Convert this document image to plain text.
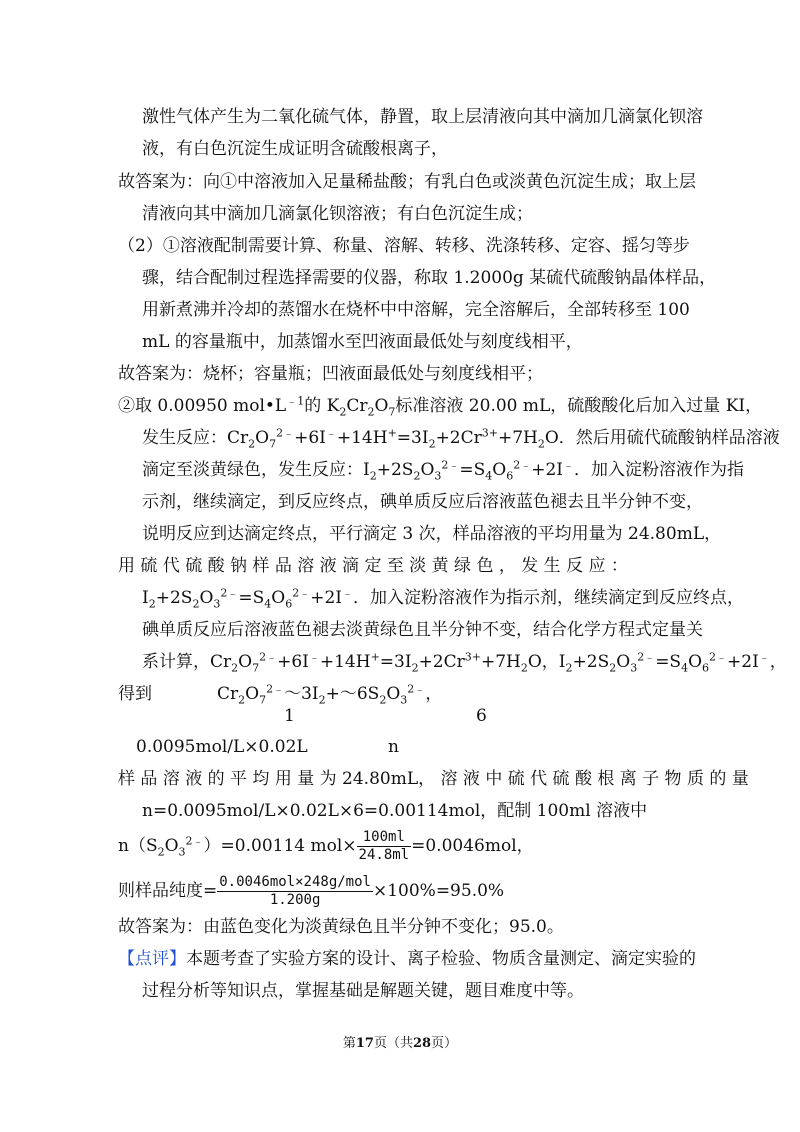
激性气体产生为二氧化硫气体，静置，取上层清液向其中滴加几滴氯化钡溶
液，有白色沉淀生成证明含硫酸根离子，
故答案为：向①中溶液加入足量稀盐酸；有乳白色或淡黄色沉淀生成；取上层
清液向其中滴加几滴氯化钡溶液；有白色沉淀生成；
（2）①溶液配制需要计算、称量、溶解、转移、洗涤转移、定容、摇匀等步
骤，结合配制过程选择需要的仪器，称取 1.2000g 某硫代硫酸钠晶体样品，
用新煮沸并冷却的蒸馏水在烧杯中中溶解，完全溶解后，全部转移至 100
mL 的容量瓶中，加蒸馏水至凹液面最低处与刻度线相平，
故答案为：烧杯；容量瓶；凹液面最低处与刻度线相平；
②取 0.00950 $mol•L^{﹣1}$的 $K_2Cr_2O_7$标准溶液 20.00 mL，硫酸酸化后加入过量 KI，
发生反应：$Cr_2O_7^{2﹣}+6I^﹣+14H^+=3I_2+2Cr^{3+}+7H_2O$．然后用硫代硫酸钠样品溶液
滴定至淡黄绿色，发生反应：$I_2+2S_2O_3^{2﹣}=S_4O_6^{2﹣}+2I^﹣$．加入淀粉溶液作为指
示剂，继续滴定，到反应终点，碘单质反应后溶液蓝色褪去且半分钟不变，
说明反应到达滴定终点，平行滴定 3 次，样品溶液的平均用量为 24.80mL，
用 硫 代 硫 酸 钠 样 品 溶 液 滴 定 至 淡 黄 绿 色 ， 发 生 反 应 ：
$I_2+2S_2O_3^{2﹣}=S_4O_6^{2﹣}+2I^﹣$．加入淀粉溶液作为指示剂，继续滴定到反应终点，
碘单质反应后溶液蓝色褪去淡黄绿色且半分钟不变，结合化学方程式定量关
系计算，$Cr_2O_7^{2﹣}+6I^﹣+14H^+=3I_2+2Cr^{3+}+7H_2O$，$I_2+2S_2O_3^{2﹣}=S_4O_6^{2﹣}+2I^﹣$，
得到	$Cr_2O_7^{2﹣}\sim 3I_2+\sim 6S_2O_3^{2﹣}$，
1	6
0.0095mol/L×0.02L	n
样 品 溶 液 的 平 均 用 量 为 24.80mL， 溶 液 中 硫 代 硫 酸 根 离 子 物 质 的 量
n=0.0095mol/L×0.02L×6=0.00114mol，配制 100ml 溶液中
$n(S_2O_3^{2﹣})=0.00114$ $mol\times \frac{100ml}{24.8ml} =0.0046mol$，
则样品纯度= $\frac{\text{0.0046mol×248g/mol}}{1.200g} \times 100\%=95.0\%$
故答案为：由蓝色变化为淡黄绿色且半分钟不变化；95.0。
【点评】本题考查了实验方案的设计、离子检验、物质含量测定、滴定实验的
过程分析等知识点，掌握基础是解题关键，题目难度中等。
第17页（共28页）
